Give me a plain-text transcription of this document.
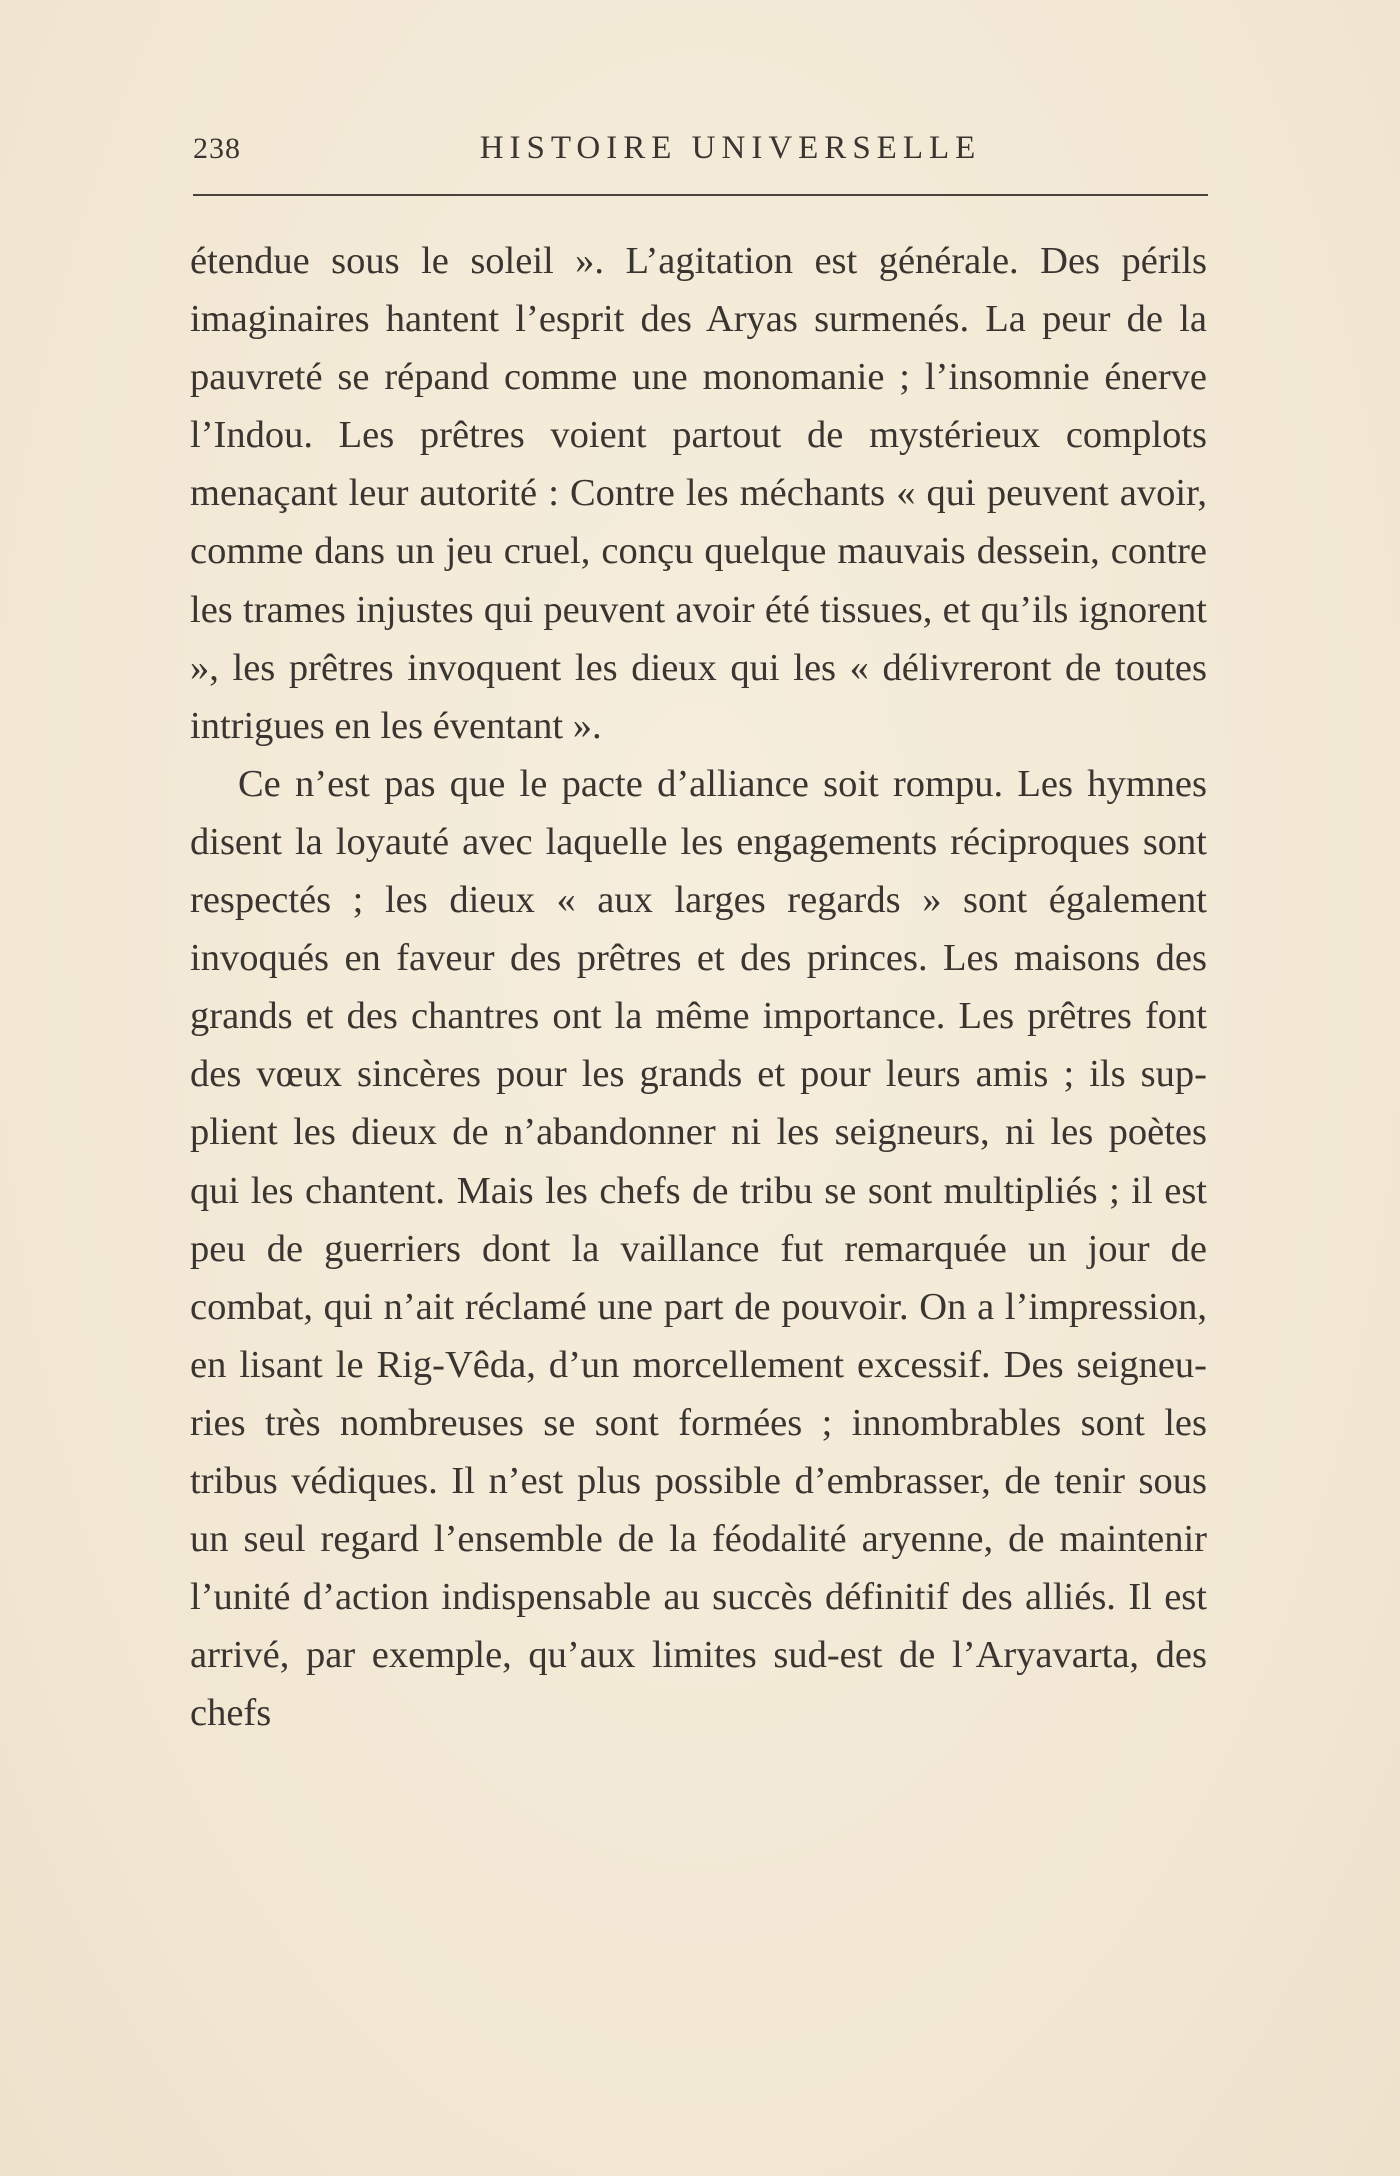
238	HISTOIRE UNIVERSELLE

étendue sous le soleil ». L’agitation est générale. Des périls imaginaires hantent l’esprit des Aryas surmenés. La peur de la pauvreté se répand comme une monomanie ; l’insomnie énerve l’Indou. Les prêtres voient partout de mystérieux complots menaçant leur autorité : Contre les méchants « qui peuvent avoir, comme dans un jeu cruel, conçu quelque mauvais dessein, contre les trames injustes qui peuvent avoir été tissues, et qu’ils ignorent », les prêtres invoquent les dieux qui les « délivreront de toutes intrigues en les éventant ».

Ce n’est pas que le pacte d’alliance soit rompu. Les hymnes disent la loyauté avec laquelle les engagements réciproques sont respectés ; les dieux « aux larges regards » sont également invoqués en faveur des prêtres et des princes. Les maisons des grands et des chantres ont la même importance. Les prêtres font des vœux sincères pour les grands et pour leurs amis ; ils supplient les dieux de n’abandonner ni les seigneurs, ni les poètes qui les chantent. Mais les chefs de tribu se sont multipliés ; il est peu de guerriers dont la vaillance fut remarquée un jour de combat, qui n’ait réclamé une part de pouvoir. On a l’impression, en lisant le Rig-Vêda, d’un morcellement excessif. Des seigneuries très nombreuses se sont formées ; innombrables sont les tribus védiques. Il n’est plus possible d’embrasser, de tenir sous un seul regard l’ensemble de la féodalité aryenne, de maintenir l’unité d’action indispensable au succès définitif des alliés. Il est arrivé, par exemple, qu’aux limites sud-est de l’Aryavarta, des chefs
